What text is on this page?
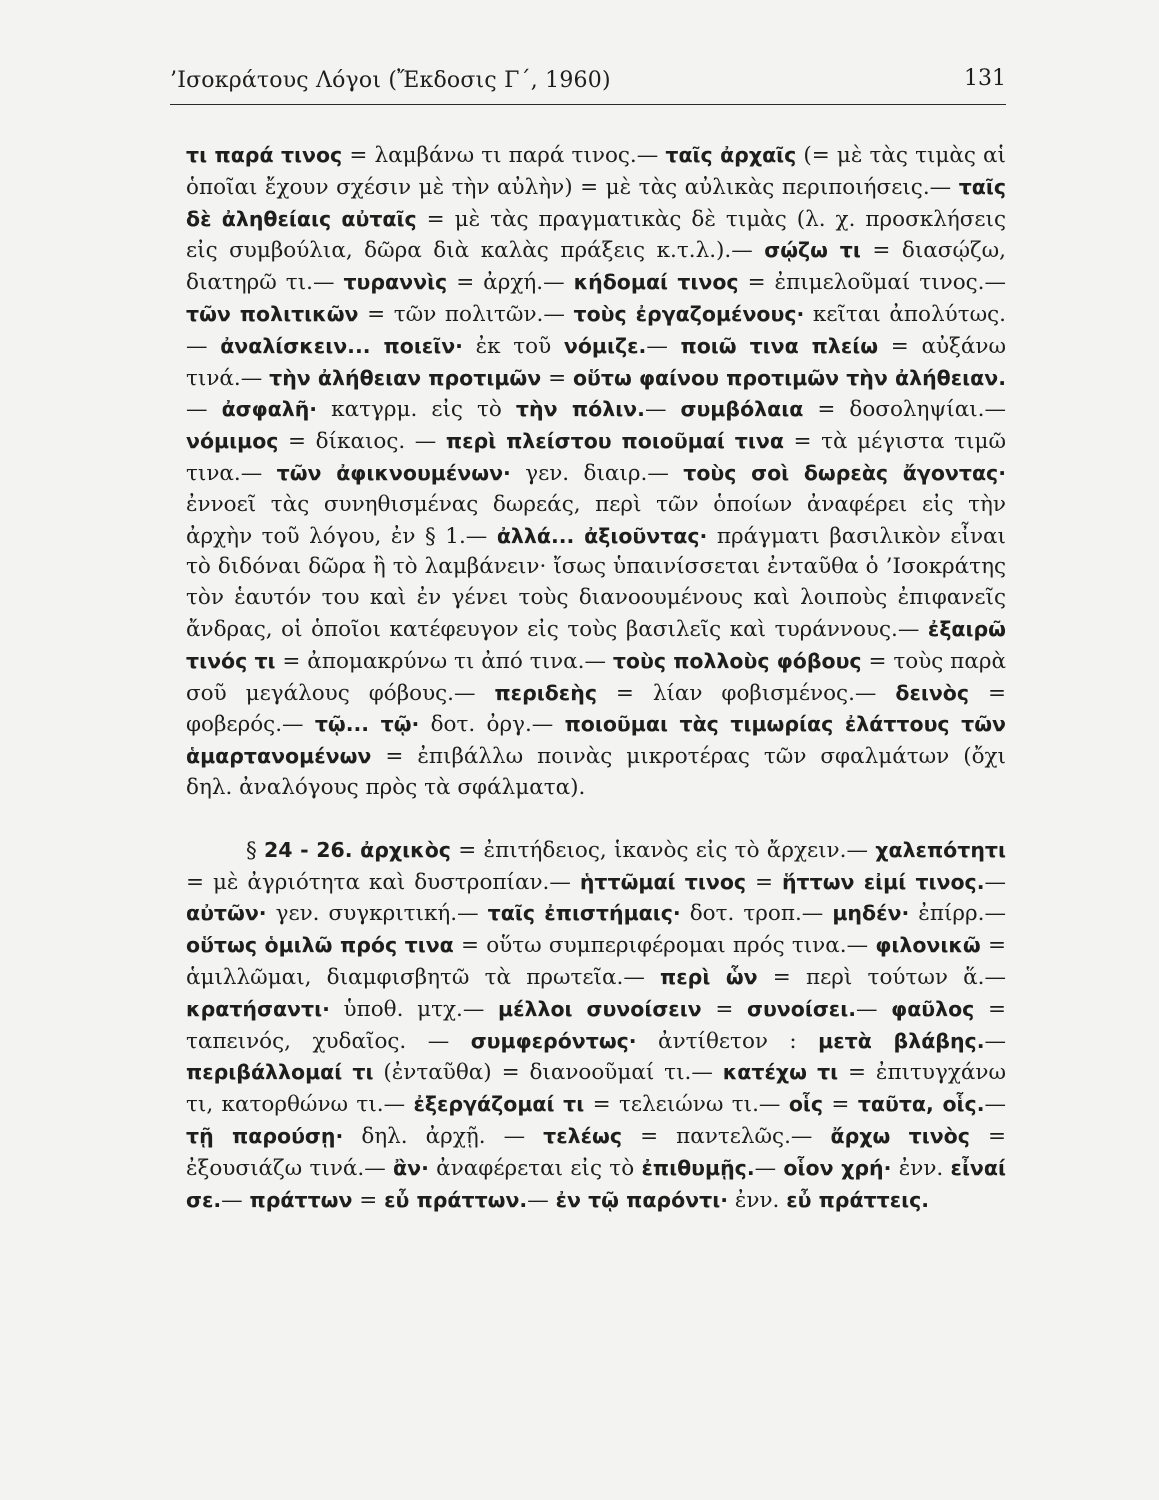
’Ισοκράτους Λόγοι (Ἔκδοσις Γ΄, 1960)	131

τι παρά τινος = λαμβάνω τι παρά τινος.— ταῖς ἀρχαῖς (= μὲ τὰς τιμὰς αἱ ὁποῖαι ἔχουν σχέσιν μὲ τὴν αὐλὴν) = μὲ τὰς αὐλικὰς περιποιήσεις.— ταῖς δὲ ἀληθείαις αὐταῖς = μὲ τὰς πραγματικὰς δὲ τιμὰς (λ. χ. προσκλήσεις εἰς συμβούλια, δῶρα διὰ καλὰς πράξεις κ.τ.λ.).— σῴζω τι = διασῴζω, διατηρῶ τι.— τυραννὶς = ἀρχή.— κήδομαί τινος = ἐπιμελοῦμαί τινος.— τῶν πολιτικῶν = τῶν πολιτῶν.— τοὺς ἐργαζομένους· κεῖται ἀπολύτως.— ἀναλίσκειν... ποιεῖν· ἐκ τοῦ νόμιζε.— ποιῶ τινα πλείω = αὐξάνω τινά.— τὴν ἀλήθειαν προτιμῶν = οὕτω φαίνου προτιμῶν τὴν ἀλήθειαν.— ἀσφαλῆ· κατγρμ. εἰς τὸ τὴν πόλιν.— συμβόλαια = δοσοληψίαι.— νόμιμος = δίκαιος. — περὶ πλείστου ποιοῦμαί τινα = τὰ μέγιστα τιμῶ τινα.— τῶν ἀφικνουμένων· γεν. διαιρ.— τοὺς σοὶ δωρεὰς ἄγοντας· ἐννοεῖ τὰς συνηθισμένας δωρεάς, περὶ τῶν ὁποίων ἀναφέρει εἰς τὴν ἀρχὴν τοῦ λόγου, ἐν § 1.— ἀλλά... ἀξιοῦντας· πράγματι βασιλικὸν εἶναι τὸ διδόναι δῶρα ἢ τὸ λαμβάνειν· ἴσως ὑπαινίσσεται ἐνταῦθα ὁ ’Ισοκράτης τὸν ἑαυτόν του καὶ ἐν γένει τοὺς διανοουμένους καὶ λοιποὺς ἐπιφανεῖς ἄνδρας, οἱ ὁποῖοι κατέφευγον εἰς τοὺς βασιλεῖς καὶ τυράννους.— ἐξαιρῶ τινός τι = ἀπομακρύνω τι ἀπό τινα.— τοὺς πολλοὺς φόβους = τοὺς παρὰ σοῦ μεγάλους φόβους.— περιδεὴς = λίαν φοβισμένος.— δεινὸς = φοβερός.— τῷ... τῷ· δοτ. ὀργ.— ποιοῦμαι τὰς τιμωρίας ἐλάττους τῶν ἁμαρτανομένων = ἐπιβάλλω ποινὰς μικροτέρας τῶν σφαλμάτων (ὄχι δηλ. ἀναλόγους πρὸς τὰ σφάλματα).

§ 24 - 26. ἀρχικὸς = ἐπιτήδειος, ἱκανὸς εἰς τὸ ἄρχειν.— χαλεπότητι = μὲ ἀγριότητα καὶ δυστροπίαν.— ἡττῶμαί τινος = ἥττων εἰμί τινος.— αὐτῶν· γεν. συγκριτική.— ταῖς ἐπιστήμαις· δοτ. τροπ.— μηδέν· ἐπίρρ.— οὕτως ὁμιλῶ πρός τινα = οὕτω συμπεριφέρομαι πρός τινα.— φιλονικῶ = ἁμιλλῶμαι, διαμφισβητῶ τὰ πρωτεῖα.— περὶ ὧν = περὶ τούτων ἅ.— κρατήσαντι· ὑποθ. μτχ.— μέλλοι συνοίσειν = συνοίσει.— φαῦλος = ταπεινός, χυδαῖος. — συμφερόντως· ἀντίθετον : μετὰ βλάβης.— περιβάλλομαί τι (ἐνταῦθα) = διανοοῦμαί τι.— κατέχω τι = ἐπιτυγχάνω τι, κατορθώνω τι.— ἐξεργάζομαί τι = τελειώνω τι.— οἷς = ταῦτα, οἷς.— τῇ παρούσῃ· δηλ. ἀρχῇ. — τελέως = παντελῶς.— ἄρχω τινὸς = ἐξουσιάζω τινά.— ἂν· ἀναφέρεται εἰς τὸ ἐπιθυμῇς.— οἷον χρή· ἐνν. εἶναί σε.— πράττων = εὖ πράττων.— ἐν τῷ παρόντι· ἐνν. εὖ πράττεις.
